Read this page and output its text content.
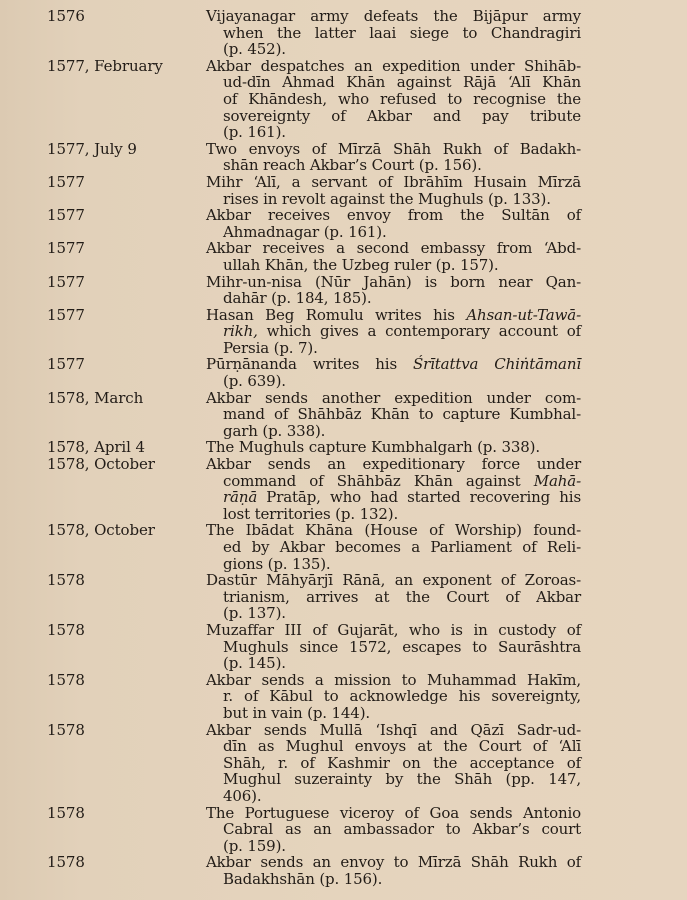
1576	Vijayanagar army defeats the Bijāpur army
when the latter laai siege to Chandragiri
(p. 452).
1577, February	Akbar despatches an expedition under Shihāb-
ud-dīn Ahmad Khān against Rājā ‘Alī Khān
of Khāndesh, who refused to recognise the
sovereignty of Akbar and pay tribute
(p. 161).
1577, July 9	Two envoys of Mīrzā Shāh Rukh of Badakh-
shān reach Akbar’s Court (p. 156).
1577	Mihr ‘Alī, a servant of Ibrāhīm Husain Mīrzā
rises in revolt against the Mughuls (p. 133).
1577	Akbar receives envoy from the Sultān of
Ahmadnagar (p. 161).
1577	Akbar receives a second embassy from ‘Abd-
ullah Khān, the Uzbeg ruler (p. 157).
1577	Mihr-un-nisa (Nūr Jahān) is born near Qan-
dahār (p. 184, 185).
1577	Hasan Beg Romulu writes his Ahsan-ut-Tawā-
rikh, which gives a contemporary account of
Persia (p. 7).
1577	Pūrṇānanda writes his Śrītattva Chiṅtāmanī
(p. 639).
1578, March	Akbar sends another expedition under com-
mand of Shāhbāz Khān to capture Kumbhal-
garh (p. 338).
1578, April 4	The Mughuls capture Kumbhalgarh (p. 338).
1578, October	Akbar sends an expeditionary force under
command of Shāhbāz Khān against Mahā-
rāṇā Pratāp, who had started recovering his
lost territories (p. 132).
1578, October	The Ibādat Khāna (House of Worship) found-
ed by Akbar becomes a Parliament of Reli-
gions (p. 135).
1578	Dastūr Māhyārjī Rānā, an exponent of Zoroas-
trianism, arrives at the Court of Akbar
(p. 137).
1578	Muzaffar III of Gujarāt, who is in custody of
Mughuls since 1572, escapes to Saurāshtra
(p. 145).
1578	Akbar sends a mission to Muhammad Hakīm,
r. of Kābul to acknowledge his sovereignty,
but in vain (p. 144).
1578	Akbar sends Mullā ‘Ishqī and Qāzī Sadr-ud-
dīn as Mughul envoys at the Court of ‘Alī
Shāh, r. of Kashmir on the acceptance of
Mughul suzerainty by the Shāh (pp. 147,
406).
1578	The Portuguese viceroy of Goa sends Antonio
Cabral as an ambassador to Akbar’s court
(p. 159).
1578	Akbar sends an envoy to Mīrzā Shāh Rukh of
Badakhshān (p. 156).
